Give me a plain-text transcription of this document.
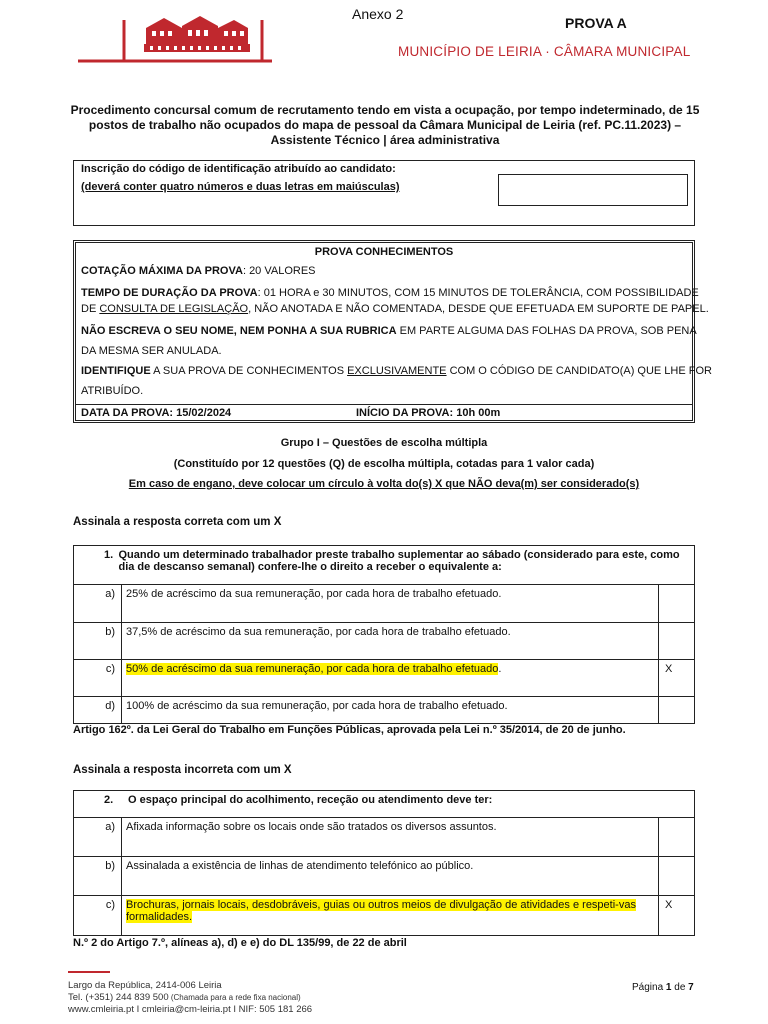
MUNICÍPIO DE LEIRIA · CÂMARA MUNICIPAL
Anexo 2
PROVA A
Procedimento concursal comum de recrutamento tendo em vista a ocupação, por tempo indeterminado, de 15 postos de trabalho não ocupados do mapa de pessoal da Câmara Municipal de Leiria (ref. PC.11.2023) – Assistente Técnico | área administrativa
Inscrição do código de identificação atribuído ao candidato:
(deverá conter quatro números e duas letras em maiúsculas)
PROVA CONHECIMENTOS
COTAÇÃO MÁXIMA DA PROVA: 20 VALORES
TEMPO DE DURAÇÃO DA PROVA: 01 HORA e 30 MINUTOS, COM 15 MINUTOS DE TOLERÂNCIA, COM POSSIBILIDADE
DE CONSULTA DE LEGISLAÇÃO, NÃO ANOTADA E NÃO COMENTADA, DESDE QUE EFETUADA EM SUPORTE DE PAPEL.
NÃO ESCREVA O SEU NOME, NEM PONHA A SUA RUBRICA EM PARTE ALGUMA DAS FOLHAS DA PROVA, SOB PENA
DA MESMA SER ANULADA.
IDENTIFIQUE A SUA PROVA DE CONHECIMENTOS EXCLUSIVAMENTE COM O CÓDIGO DE CANDIDATO(A) QUE LHE FOR
ATRIBUÍDO.
DATA DA PROVA: 15/02/2024	INÍCIO DA PROVA: 10h 00m
Grupo I – Questões de escolha múltipla
(Constituído por 12 questões (Q) de escolha múltipla, cotadas para 1 valor cada)
Em caso de engano, deve colocar um círculo à volta do(s) X que NÃO deva(m) ser considerado(s)
Assinala a resposta correta com um X
1. Quando um determinado trabalhador preste trabalho suplementar ao sábado (considerado para este, como dia de descanso semanal) confere-lhe o direito a receber o equivalente a:		

a)	25% de acréscimo da sua remuneração, por cada hora de trabalho efetuado.	
b)	37,5% de acréscimo da sua remuneração, por cada hora de trabalho efetuado.	
c)	50% de acréscimo da sua remuneração, por cada hora de trabalho efetuado.	X
d)	100% de acréscimo da sua remuneração, por cada hora de trabalho efetuado.	
Artigo 162º. da Lei Geral do Trabalho em Funções Públicas, aprovada pela Lei n.º 35/2014, de 20 de junho.
Assinala a resposta incorreta com um X
2. O espaço principal do acolhimento, receção ou atendimento deve ter:		

a)	Afixada informação sobre os locais onde são tratados os diversos assuntos.	
b)	Assinalada a existência de linhas de atendimento telefónico ao público.	
c)	Brochuras, jornais locais, desdobráveis, guias ou outros meios de divulgação de atividades e respeti-vas formalidades.	X
N.º 2 do Artigo 7.º, alíneas a), d) e e) do DL 135/99, de 22 de abril
Largo da República, 2414-006 Leiria
Tel. (+351) 244 839 500 (Chamada para a rede fixa nacional)
www.cmleiria.pt I cmleiria@cm-leiria.pt I NIF: 505 181 266
Página 1 de 7
